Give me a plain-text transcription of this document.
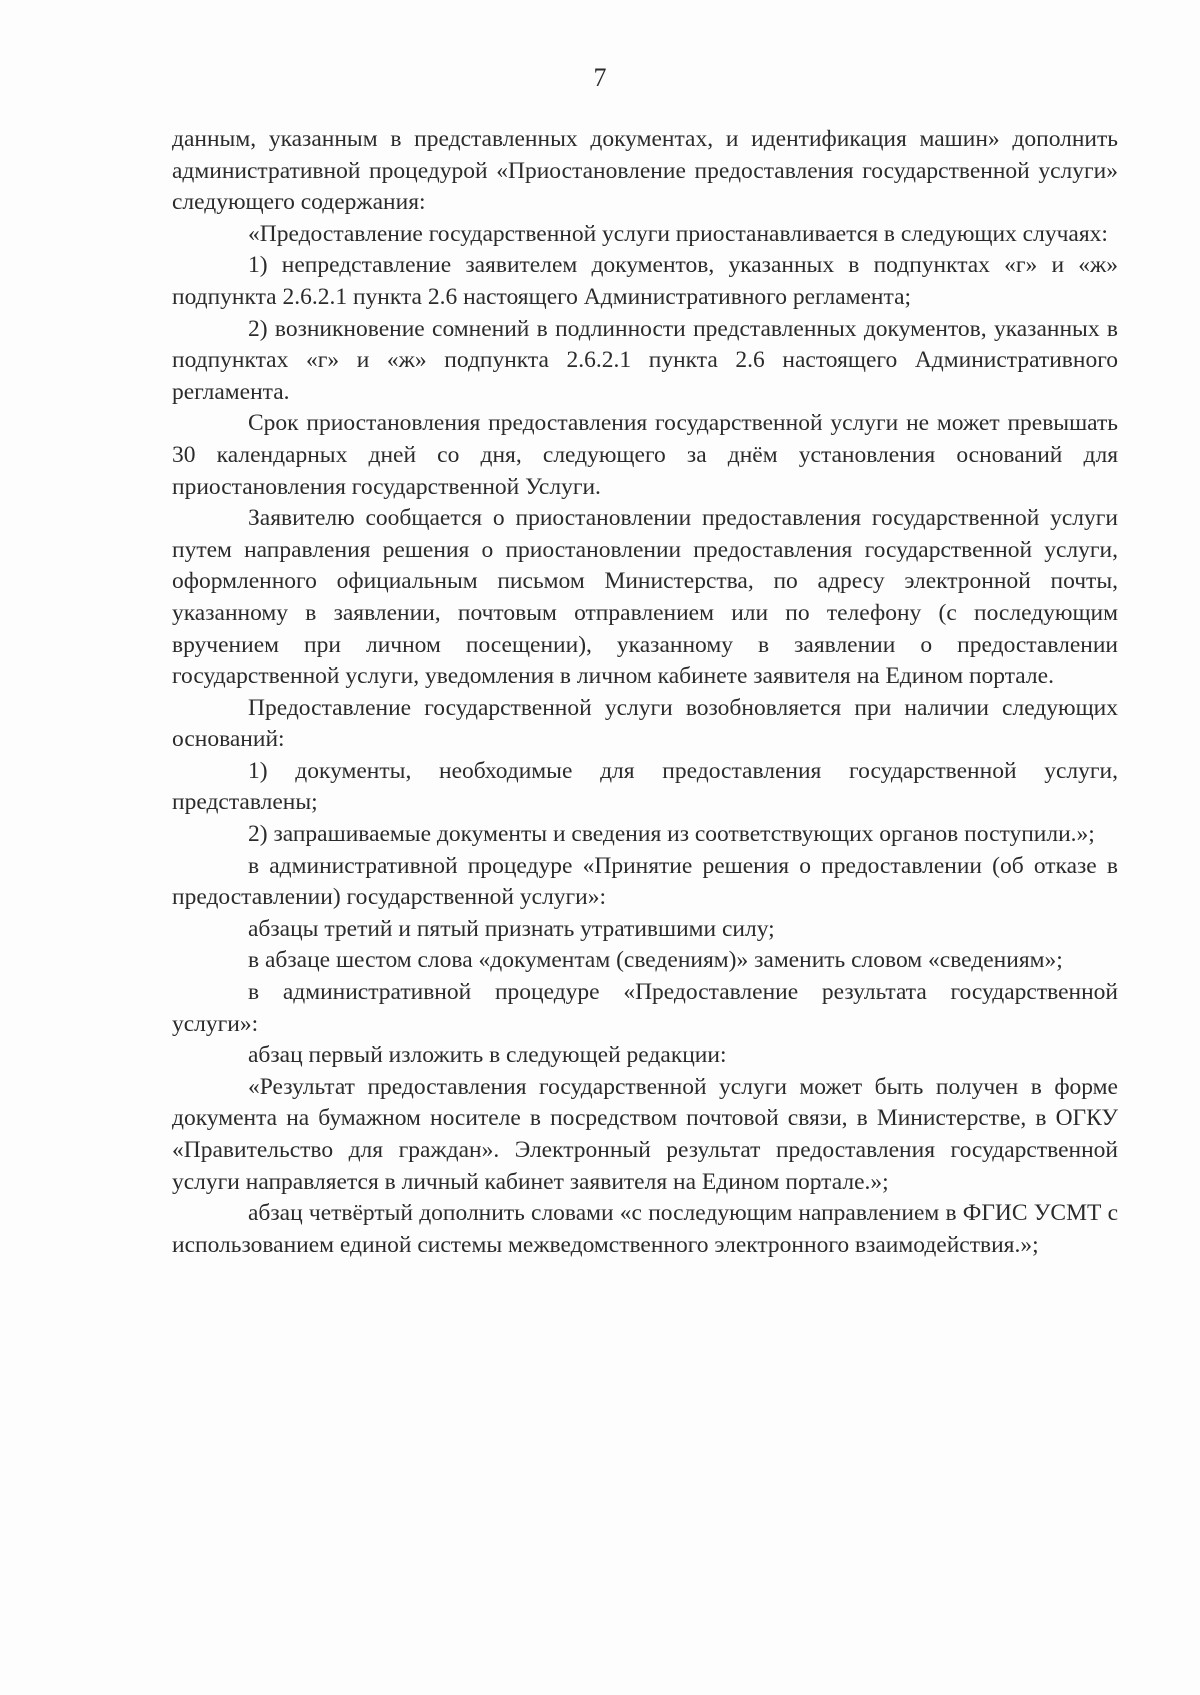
7

данным, указанным в представленных документах, и идентификация машин» дополнить административной процедурой «Приостановление предоставления государственной услуги» следующего содержания:

«Предоставление государственной услуги приостанавливается в следующих случаях:

1) непредставление заявителем документов, указанных в подпунктах «г» и «ж» подпункта 2.6.2.1 пункта 2.6 настоящего Административного регламента;

2) возникновение сомнений в подлинности представленных документов, указанных в подпунктах «г» и «ж» подпункта 2.6.2.1 пункта 2.6 настоящего Административного регламента.

Срок приостановления предоставления государственной услуги не может превышать 30 календарных дней со дня, следующего за днём установления оснований для приостановления государственной Услуги.

Заявителю сообщается о приостановлении предоставления государственной услуги путем направления решения о приостановлении предоставления государственной услуги, оформленного официальным письмом Министерства, по адресу электронной почты, указанному в заявлении, почтовым отправлением или по телефону (с последующим вручением при личном посещении), указанному в заявлении о предоставлении государственной услуги, уведомления в личном кабинете заявителя на Едином портале.

Предоставление государственной услуги возобновляется при наличии следующих оснований:

1) документы, необходимые для предоставления государственной услуги, представлены;

2) запрашиваемые документы и сведения из соответствующих органов поступили.»;

в административной процедуре «Принятие решения о предоставлении (об отказе в предоставлении) государственной услуги»:

абзацы третий и пятый признать утратившими силу;

в абзаце шестом слова «документам (сведениям)» заменить словом «сведениям»;

в административной процедуре «Предоставление результата государственной услуги»:

абзац первый изложить в следующей редакции:

«Результат предоставления государственной услуги может быть получен в форме документа на бумажном носителе в посредством почтовой связи, в Министерстве, в ОГКУ «Правительство для граждан». Электронный результат предоставления государственной услуги направляется в личный кабинет заявителя на Едином портале.»;

абзац четвёртый дополнить словами «с последующим направлением в ФГИС УСМТ с использованием единой системы межведомственного электронного взаимодействия.»;
